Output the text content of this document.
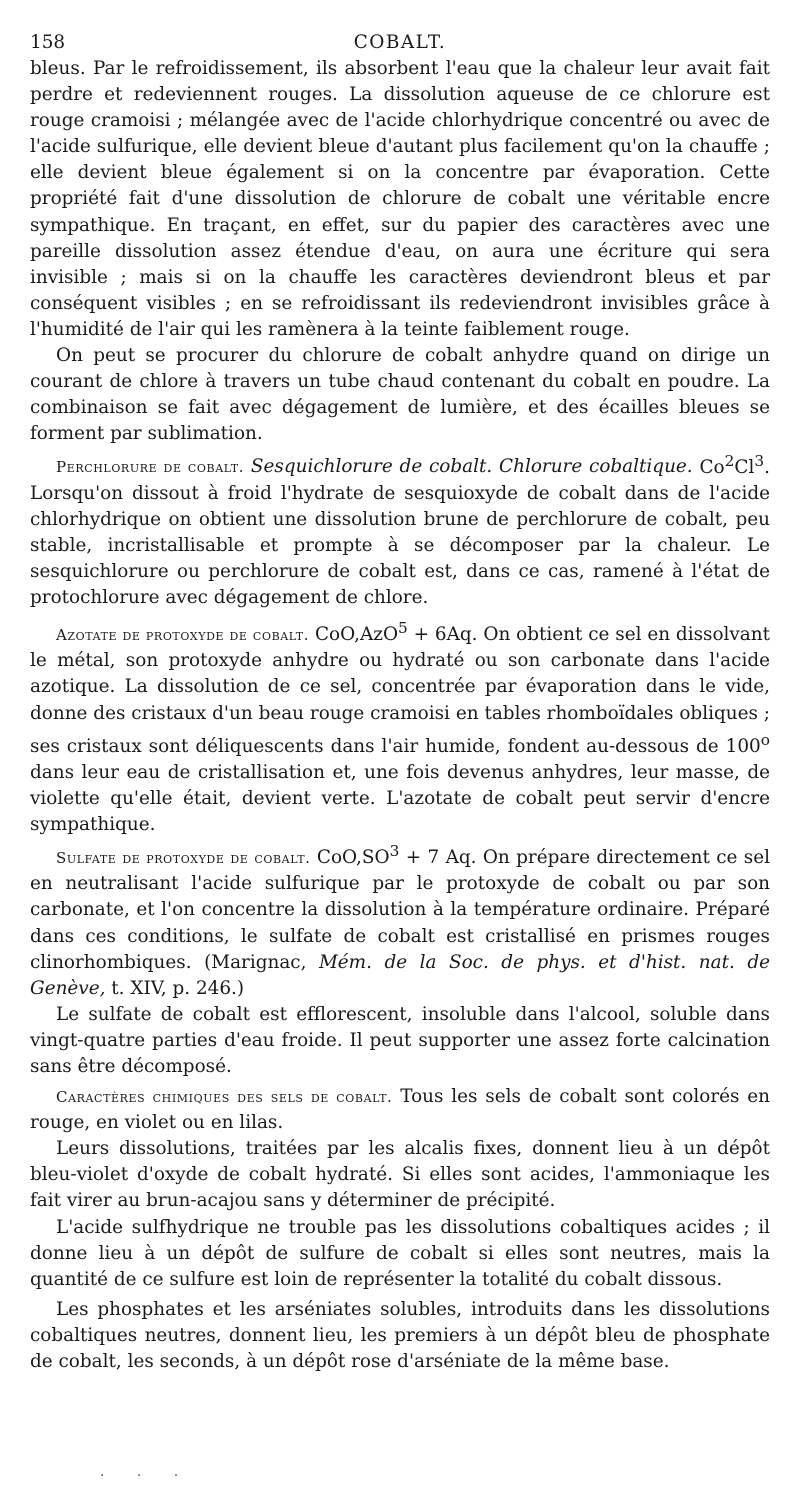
158	COBALT.

bleus. Par le refroidissement, ils absorbent l'eau que la chaleur leur avait fait perdre et redeviennent rouges. La dissolution aqueuse de ce chlorure est rouge cramoisi ; mélangée avec de l'acide chlorhydrique concentré ou avec de l'acide sulfurique, elle devient bleue d'autant plus facilement qu'on la chauffe ; elle devient bleue également si on la concentre par évaporation. Cette propriété fait d'une dissolution de chlorure de cobalt une véritable encre sympathique. En traçant, en effet, sur du papier des caractères avec une pareille dissolution assez étendue d'eau, on aura une écriture qui sera invisible ; mais si on la chauffe les caractères deviendront bleus et par conséquent visibles ; en se refroidissant ils redeviendront invisibles grâce à l'humidité de l'air qui les ramènera à la teinte faiblement rouge.

On peut se procurer du chlorure de cobalt anhydre quand on dirige un courant de chlore à travers un tube chaud contenant du cobalt en poudre. La combinaison se fait avec dégagement de lumière, et des écailles bleues se forment par sublimation.

Perchlorure de cobalt. Sesquichlorure de cobalt. Chlorure cobaltique. Co$^2$Cl$^3$. Lorsqu'on dissout à froid l'hydrate de sesquioxyde de cobalt dans de l'acide chlorhydrique on obtient une dissolution brune de perchlorure de cobalt, peu stable, incristallisable et prompte à se décomposer par la chaleur. Le sesquichlorure ou perchlorure de cobalt est, dans ce cas, ramené à l'état de protochlorure avec dégagement de chlore.

Azotate de protoxyde de cobalt. CoO,AzO$^5$ + 6Aq. On obtient ce sel en dissolvant le métal, son protoxyde anhydre ou hydraté ou son carbonate dans l'acide azotique. La dissolution de ce sel, concentrée par évaporation dans le vide, donne des cristaux d'un beau rouge cramoisi en tables rhomboïdales obliques ; ses cristaux sont déliquescents dans l'air humide, fondent au-dessous de 100$^o$ dans leur eau de cristallisation et, une fois devenus anhydres, leur masse, de violette qu'elle était, devient verte. L'azotate de cobalt peut servir d'encre sympathique.

Sulfate de protoxyde de cobalt. $CoO,SO^3 + 7$ Aq. On prépare directement ce sel en neutralisant l'acide sulfurique par le protoxyde de cobalt ou par son carbonate, et l'on concentre la dissolution à la température ordinaire. Préparé dans ces conditions, le sulfate de cobalt est cristallisé en prismes rouges clinorhombiques. (Marignac, Mém. de la Soc. de phys. et d'hist. nat. de Genève, t. XIV, p. 246.)

Le sulfate de cobalt est efflorescent, insoluble dans l'alcool, soluble dans vingt-quatre parties d'eau froide. Il peut supporter une assez forte calcination sans être décomposé.

Caractères chimiques des sels de cobalt. Tous les sels de cobalt sont colorés en rouge, en violet ou en lilas.

Leurs dissolutions, traitées par les alcalis fixes, donnent lieu à un dépôt bleu-violet d'oxyde de cobalt hydraté. Si elles sont acides, l'ammoniaque les fait virer au brun-acajou sans y déterminer de précipité.

L'acide sulfhydrique ne trouble pas les dissolutions cobaltiques acides ; il donne lieu à un dépôt de sulfure de cobalt si elles sont neutres, mais la quantité de ce sulfure est loin de représenter la totalité du cobalt dissous.

Les phosphates et les arséniates solubles, introduits dans les dissolutions cobaltiques neutres, donnent lieu, les premiers à un dépôt bleu de phosphate de cobalt, les seconds, à un dépôt rose d'arséniate de la même base.

· · ·
